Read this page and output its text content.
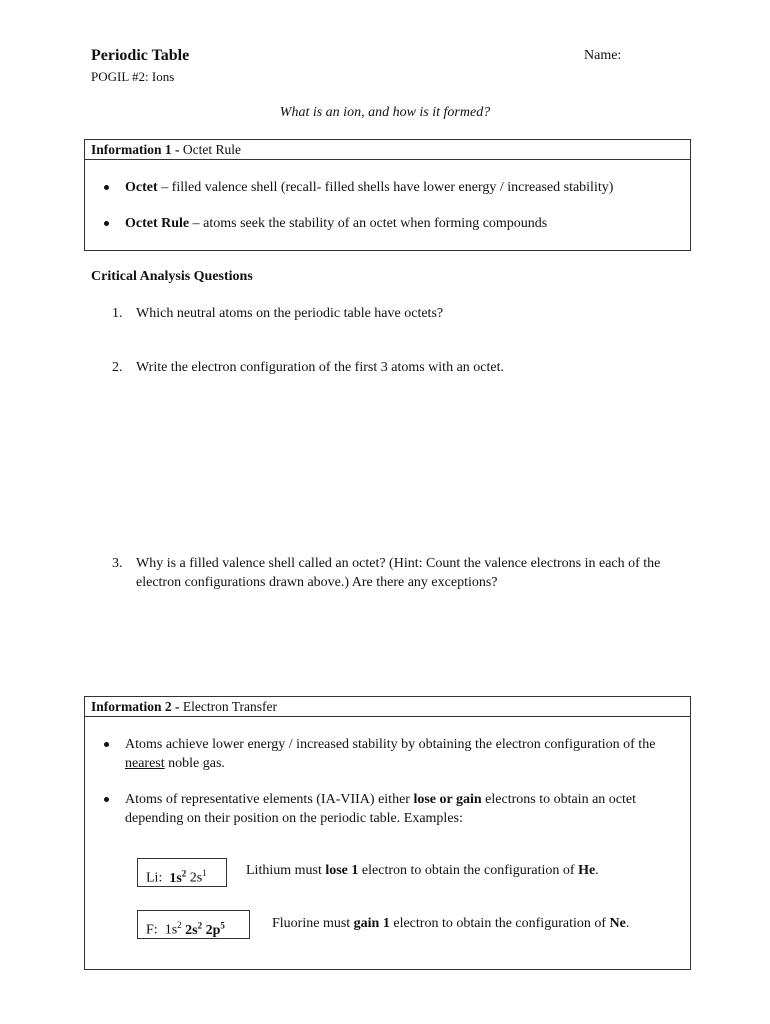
Periodic Table
POGIL #2: Ions
Name:
What is an ion, and how is it formed?
Information 1 - Octet Rule
Octet – filled valence shell (recall- filled shells have lower energy / increased stability)
Octet Rule – atoms seek the stability of an octet when forming compounds
Critical Analysis Questions
1. Which neutral atoms on the periodic table have octets?
2. Write the electron configuration of the first 3 atoms with an octet.
3. Why is a filled valence shell called an octet? (Hint: Count the valence electrons in each of the electron configurations drawn above.) Are there any exceptions?
Information 2 - Electron Transfer
Atoms achieve lower energy / increased stability by obtaining the electron configuration of the nearest noble gas.
Atoms of representative elements (IA-VIIA) either lose or gain electrons to obtain an octet depending on their position on the periodic table. Examples:
Li: $1s^2$ $2s^1$	Lithium must lose 1 electron to obtain the configuration of He.
F:  $1s^2$ $2s^2$ $2p^5$	Fluorine must gain 1 electron to obtain the configuration of Ne.
